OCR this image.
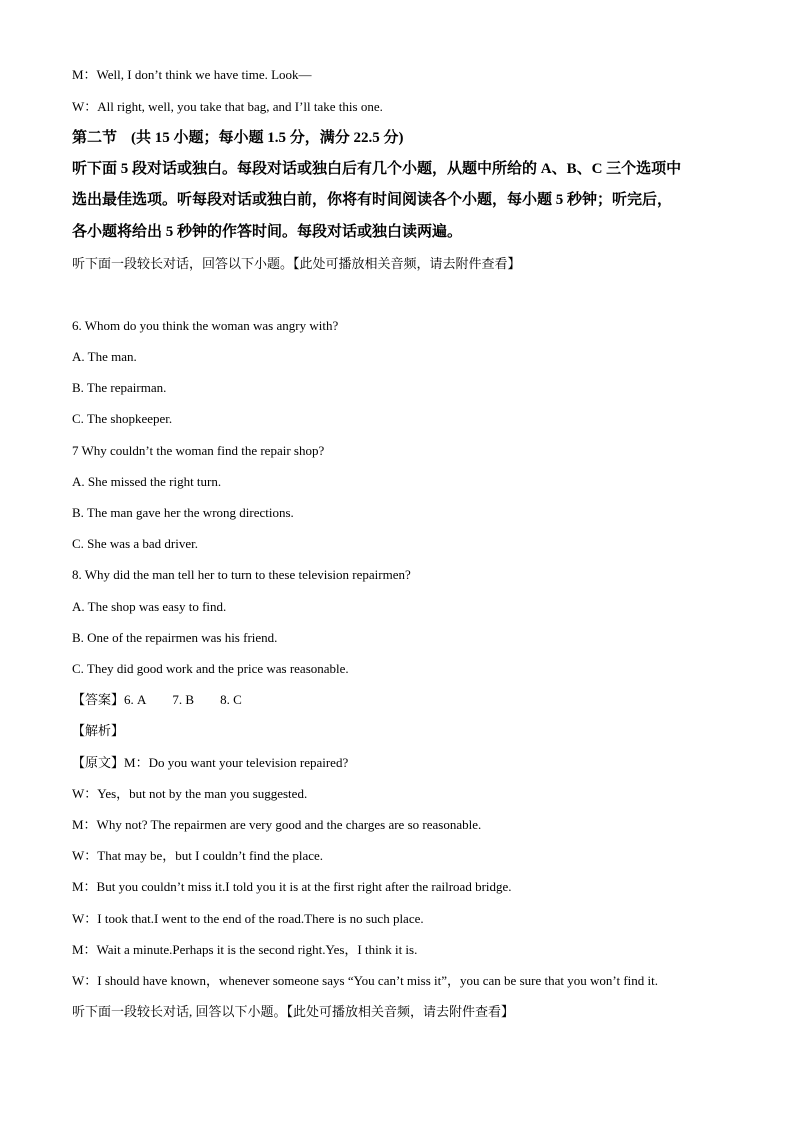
M：Well, I don’t think we have time. Look—
W：All right, well, you take that bag, and I’ll take this one.
第二节 (共 15 小题；每小题 1.5 分，满分 22.5 分)
听下面 5 段对话或独白。每段对话或独白后有几个小题，从题中所给的 A、B、C 三个选项中
选出最佳选项。听每段对话或独白前，你将有时间阅读各个小题，每小题 5 秒钟；听完后，
各小题将给出 5 秒钟的作答时间。每段对话或独白读两遍。
听下面一段较长对话，回答以下小题。【此处可播放相关音频，请去附件查看】
6. Whom do you think the woman was angry with?
A. The man.
B. The repairman.
C. The shopkeeper.
7 Why couldn’t the woman find the repair shop?
A. She missed the right turn.
B. The man gave her the wrong directions.
C. She was a bad driver.
8. Why did the man tell her to turn to these television repairmen?
A. The shop was easy to find.
B. One of the repairmen was his friend.
C. They did good work and the price was reasonable.
【答案】6. A 7. B 8. C
【解析】
【原文】M：Do you want your television repaired?
W：Yes，but not by the man you suggested.
M：Why not? The repairmen are very good and the charges are so reasonable.
W：That may be，but I couldn’t find the place.
M：But you couldn’t miss it.I told you it is at the first right after the railroad bridge.
W：I took that.I went to the end of the road.There is no such place.
M：Wait a minute.Perhaps it is the second right.Yes，I think it is.
W：I should have known，whenever someone says “You can’t miss it”，you can be sure that you won’t find it.
听下面一段较长对话, 回答以下小题。【此处可播放相关音频，请去附件查看】
